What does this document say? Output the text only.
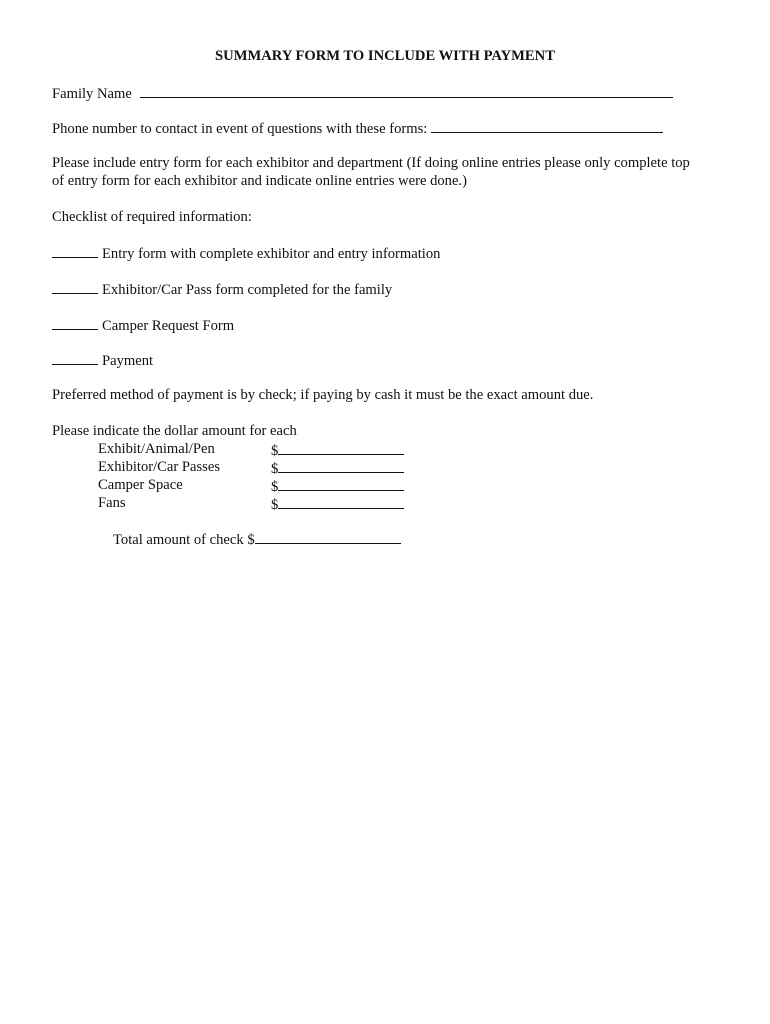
SUMMARY FORM TO INCLUDE WITH PAYMENT
Family Name
Phone number to contact in event of questions with these forms:
Please include entry form for each exhibitor and department (If doing online entries please only complete top
of entry form for each exhibitor and indicate online entries were done.)
Checklist of required information:
Entry form with complete exhibitor and entry information
Exhibitor/Car Pass form completed for the family
Camper Request Form
Payment
Preferred method of payment is by check; if paying by cash it must be the exact amount due.
Please indicate the dollar amount for each
Exhibit/Animal/Pen	$
Exhibitor/Car Passes	$
Camper Space	$
Fans	$
Total amount of check $
